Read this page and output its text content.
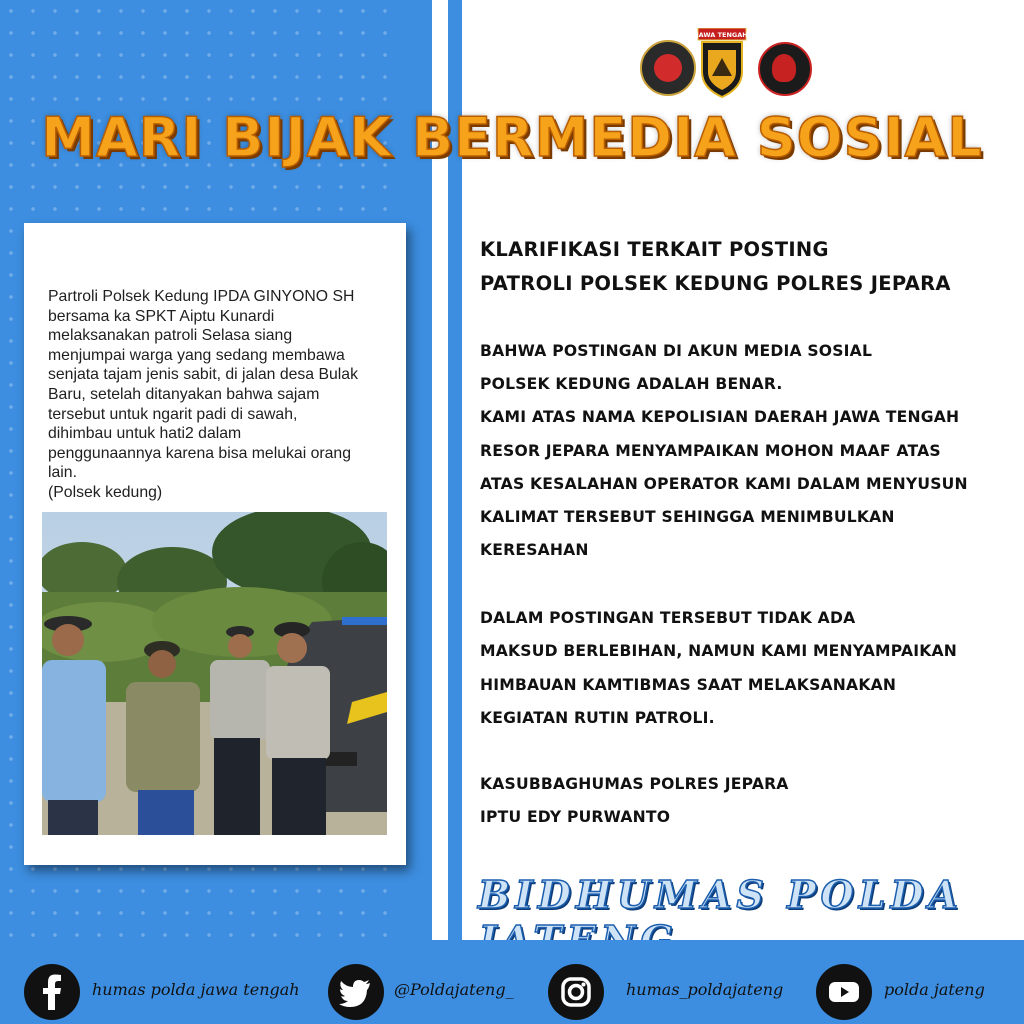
JAWA TENGAH
MARI BIJAK BERMEDIA SOSIAL

Partroli Polsek Kedung IPDA GINYONO SH
bersama ka SPKT Aiptu Kunardi
melaksanakan patroli Selasa siang
menjumpai warga yang sedang membawa
senjata tajam jenis sabit, di jalan desa Bulak
Baru, setelah ditanyakan bahwa sajam
tersebut untuk ngarit padi di sawah,
dihimbau untuk hati2 dalam
penggunaannya karena bisa melukai orang
lain.
(Polsek kedung)

KLARIFIKASI TERKAIT POSTING

PATROLI POLSEK KEDUNG POLRES JEPARA

BAHWA POSTINGAN DI AKUN MEDIA SOSIAL

POLSEK KEDUNG ADALAH BENAR.

KAMI ATAS NAMA KEPOLISIAN DAERAH JAWA TENGAH

RESOR JEPARA MENYAMPAIKAN MOHON MAAF ATAS

ATAS KESALAHAN OPERATOR KAMI DALAM MENYUSUN

KALIMAT TERSEBUT SEHINGGA MENIMBULKAN

KERESAHAN

DALAM POSTINGAN TERSEBUT TIDAK ADA

MAKSUD BERLEBIHAN, NAMUN KAMI MENYAMPAIKAN

HIMBAUAN KAMTIBMAS SAAT MELAKSANAKAN

KEGIATAN RUTIN PATROLI.

KASUBBAGHUMAS POLRES JEPARA

IPTU EDY PURWANTO

BIDHUMAS POLDA

humas polda jawa tengah	@Poldajateng_	humas_poldajateng	polda jateng
